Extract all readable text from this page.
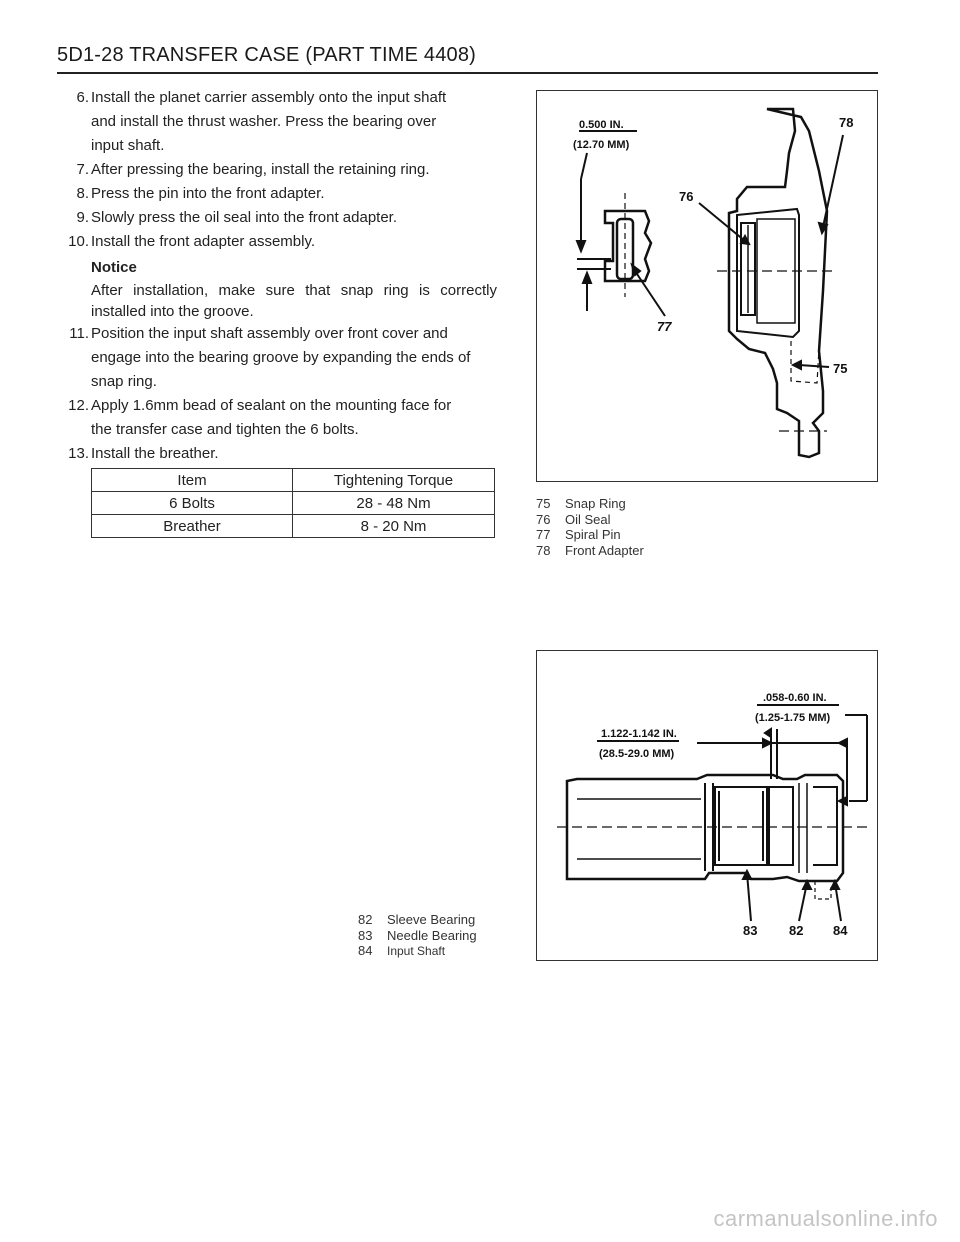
5D1-28 TRANSFER CASE (PART TIME 4408)
6. Install the planet carrier assembly onto the input shaft
and install the thrust washer. Press the bearing over
input shaft.
7. After pressing the bearing, install the retaining ring.
8. Press the pin into the front adapter.
9. Slowly press the oil seal into the front adapter.
10. Install the front adapter assembly.
Notice
After installation, make sure that snap ring is correctly installed into the groove.
11. Position the input shaft assembly over front cover and
engage into the bearing groove by expanding the ends of
snap ring.
12. Apply 1.6mm bead of sealant on the mounting face for
the transfer case and tighten the 6 bolts.
13. Install the breather.
Item	Tightening Torque
6 Bolts	28 - 48 Nm
Breather	8 - 20 Nm
0.500 IN.
(12.70 MM)
77
78
76
75
75 Snap Ring
76 Oil Seal
77 Spiral Pin
78 Front Adapter
.058-0.60 IN.
(1.25-1.75 MM)
1.122-1.142 IN.
(28.5-29.0 MM)
83 82 84
82 Sleeve Bearing
83 Needle Bearing
84 Input Shaft
carmanualsonline.info
